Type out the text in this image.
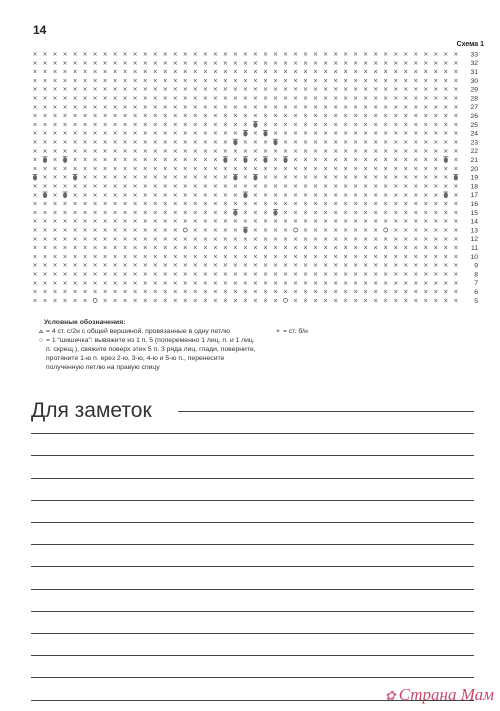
14
Схема 1
× × × × × × × × × × × × × × × × × × × × × × × × × × × × × × × × × × × × × × × × × × × 33
× × × × × × × × × × × × × × × × × × × × × × × × × × × × × × × × × × × × × × × × × × × 32
× × × × × × × × × × × × × × × × × × × × × × × × × × × × × × × × × × × × × × × × × × × 31
× × × × × × × × × × × × × × × × × × × × × × × × × × × × × × × × × × × × × × × × × × × 30
× × × × × × × × × × × × × × × × × × × × × × × × × × × × × × × × × × × × × × × × × × × 29
× × × × × × × × × × × × × × × × × × × × × × × × × × × × × × × × × × × × × × × × × × × 28
× × × × × × × × × × × × × × × × × × × × × × × × × × × × × × × × × × × × × × × × × × × 27
× × × × × × × × × × × × × × × × × × × × × × × × × × × × × × × × × × × × × × × × × × × 26
× × × × × × × × × × × × × × × × × × × × × ×	× × × × × × × × × × × × × × × × × × × × 25
× × × × × × × × × × × × × × × × × × × × ×	×	× × × × × × × × × × × × × × × × × × × 24
× × × × × × × × × × × × × × × × × × × ×	× × ×	× × × × × × × × × × × × × × × × × × 23
× × × × × × × × × × × × × × × × × × × × × × × × × × × × × × × × × × × × × × × × × × × 22
×	×	× × × × × × × × × × × × × × ×	×	×	×	× × × × × × × × × × × × × × ×	× 21
× × × × × × × × × × × × × × × × × × × × × × × × × × × × × × × × × × × × × × × × × × × 20
× × ×	× × × × × × × × × × × × × × ×	×	× × × × × × × × × × × × × × × × × × ×	19
× × × × × × × × × × × × × × × × × × × × × × × × × × × × × × × × × × × × × × × × × × × 18
×	×	× × × × × × × × × × × × × × × × ×	× × × × × × × × × × × × × × × × × × ×	× 17
× × × × × × × × × × × × × × × × × × × × × × × × × × × × × × × × × × × × × × × × × × × 16
× × × × × × × × × × × × × × × × × × × ×	× × ×	× × × × × × × × × × × × × × × × × × 15
× × × × × × × × × × × × × × × × × × × × × × × × × × × × × × × × × × × × × × × × × × × 14
× × × × × × × × × × × × × × ×	× × × × ×	× × × ×	× × × × × × × ×	× × × × × × × 13
× × × × × × × × × × × × × × × × × × × × × × × × × × × × × × × × × × × × × × × × × × × 12
× × × × × × × × × × × × × × × × × × × × × × × × × × × × × × × × × × × × × × × × × × × 11
× × × × × × × × × × × × × × × × × × × × × × × × × × × × × × × × × × × × × × × × × × × 10
× × × × × × × × × × × × × × × × × × × × × × × × × × × × × × × × × × × × × × × × × × × 9
× × × × × × × × × × × × × × × × × × × × × × × × × × × × × × × × × × × × × × × × × × × 8
× × × × × × × × × × × × × × × × × × × × × × × × × × × × × × × × × × × × × × × × × × × 7
× × × × × × × × × × × × × × × × × × × × × × × × × × × × × × × × × × × × × × × × × × × 6
× × × × × ×	× × × × × × × × × × × × × × × × × ×	× × × × × × × × × × × × × × × × × 5
Условные обозначения:
⩟ = 4 ст. с/2н с общей вершиной, провязанные в одну петлю
○ = 1 “шишечка”: вывяжите из 1 п. 5 (попеременно 1 лиц. п. и 1 лиц. п. скрещ.), свяжите поверх этих 5 п. 3 ряда лиц. глади, поверните, протяните 1-ю п. ерез 2-ю, 3-ю, 4-ю и 5-ю п., перенесите полученную петлю на правую спицу
× = ст. б/н
Для заметок
✿ Страна Мам
